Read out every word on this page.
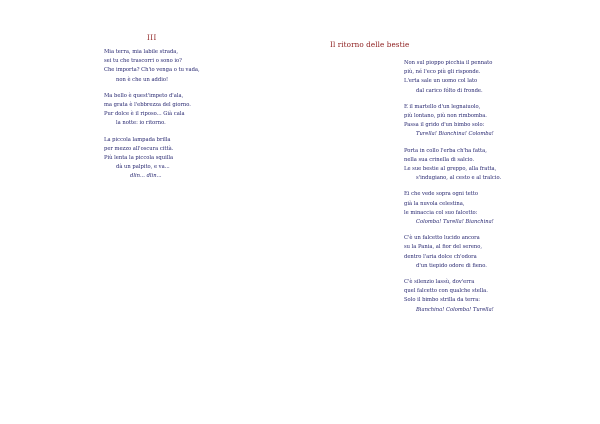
III
Mia terra, mia labile strada,
sei tu che trascorri o sono io?
Che importa? Ch'io venga o tu vada,
non è che un addio!
Ma bello è quest'impeto d'ala,
ma grata è l'ebbrezza del giorno.
Pur dolce è il riposo... Già cala
la notte: io ritorno.
La piccola lampada brilla
per mezzo all'oscura città.
Più lenta la piccola squilla
dà un palpito, e va...
dlin... dlin...
Il ritorno delle bestie
Non sul pioppo picchia il pennato
più, né l'eco più gli risponde.
L'erta sale un uomo col lato
dal carico fólto di fronde.
E il martello d'un legnaiuolo,
più lontano, più non rimbomba.
Passa il grido d'un bimbo solo:
Turella! Bianchina! Colomba!
Porta in collo l'erba ch'ha fatta,
nella sua crinella di salcio.
Le sue bestie al greppo, alla fratta,
s'indugiano, al cesto e al tralcio.
Ei che vede sopra ogni tetto
già la nuvola celestina,
le minaccia col suo falcetto:
Colomba! Turella! Bianchina!
C'è un falcetto lucido ancora
su la Pania, al fior del sereno,
dentro l'aria dolce ch'odora
d'un tiepido odore di fieno.
C'è silenzio lassù, dov'erra
quel falcetto con qualche stella.
Solo il bimbo strilla da terra:
Bianchina! Colomba! Turella!
